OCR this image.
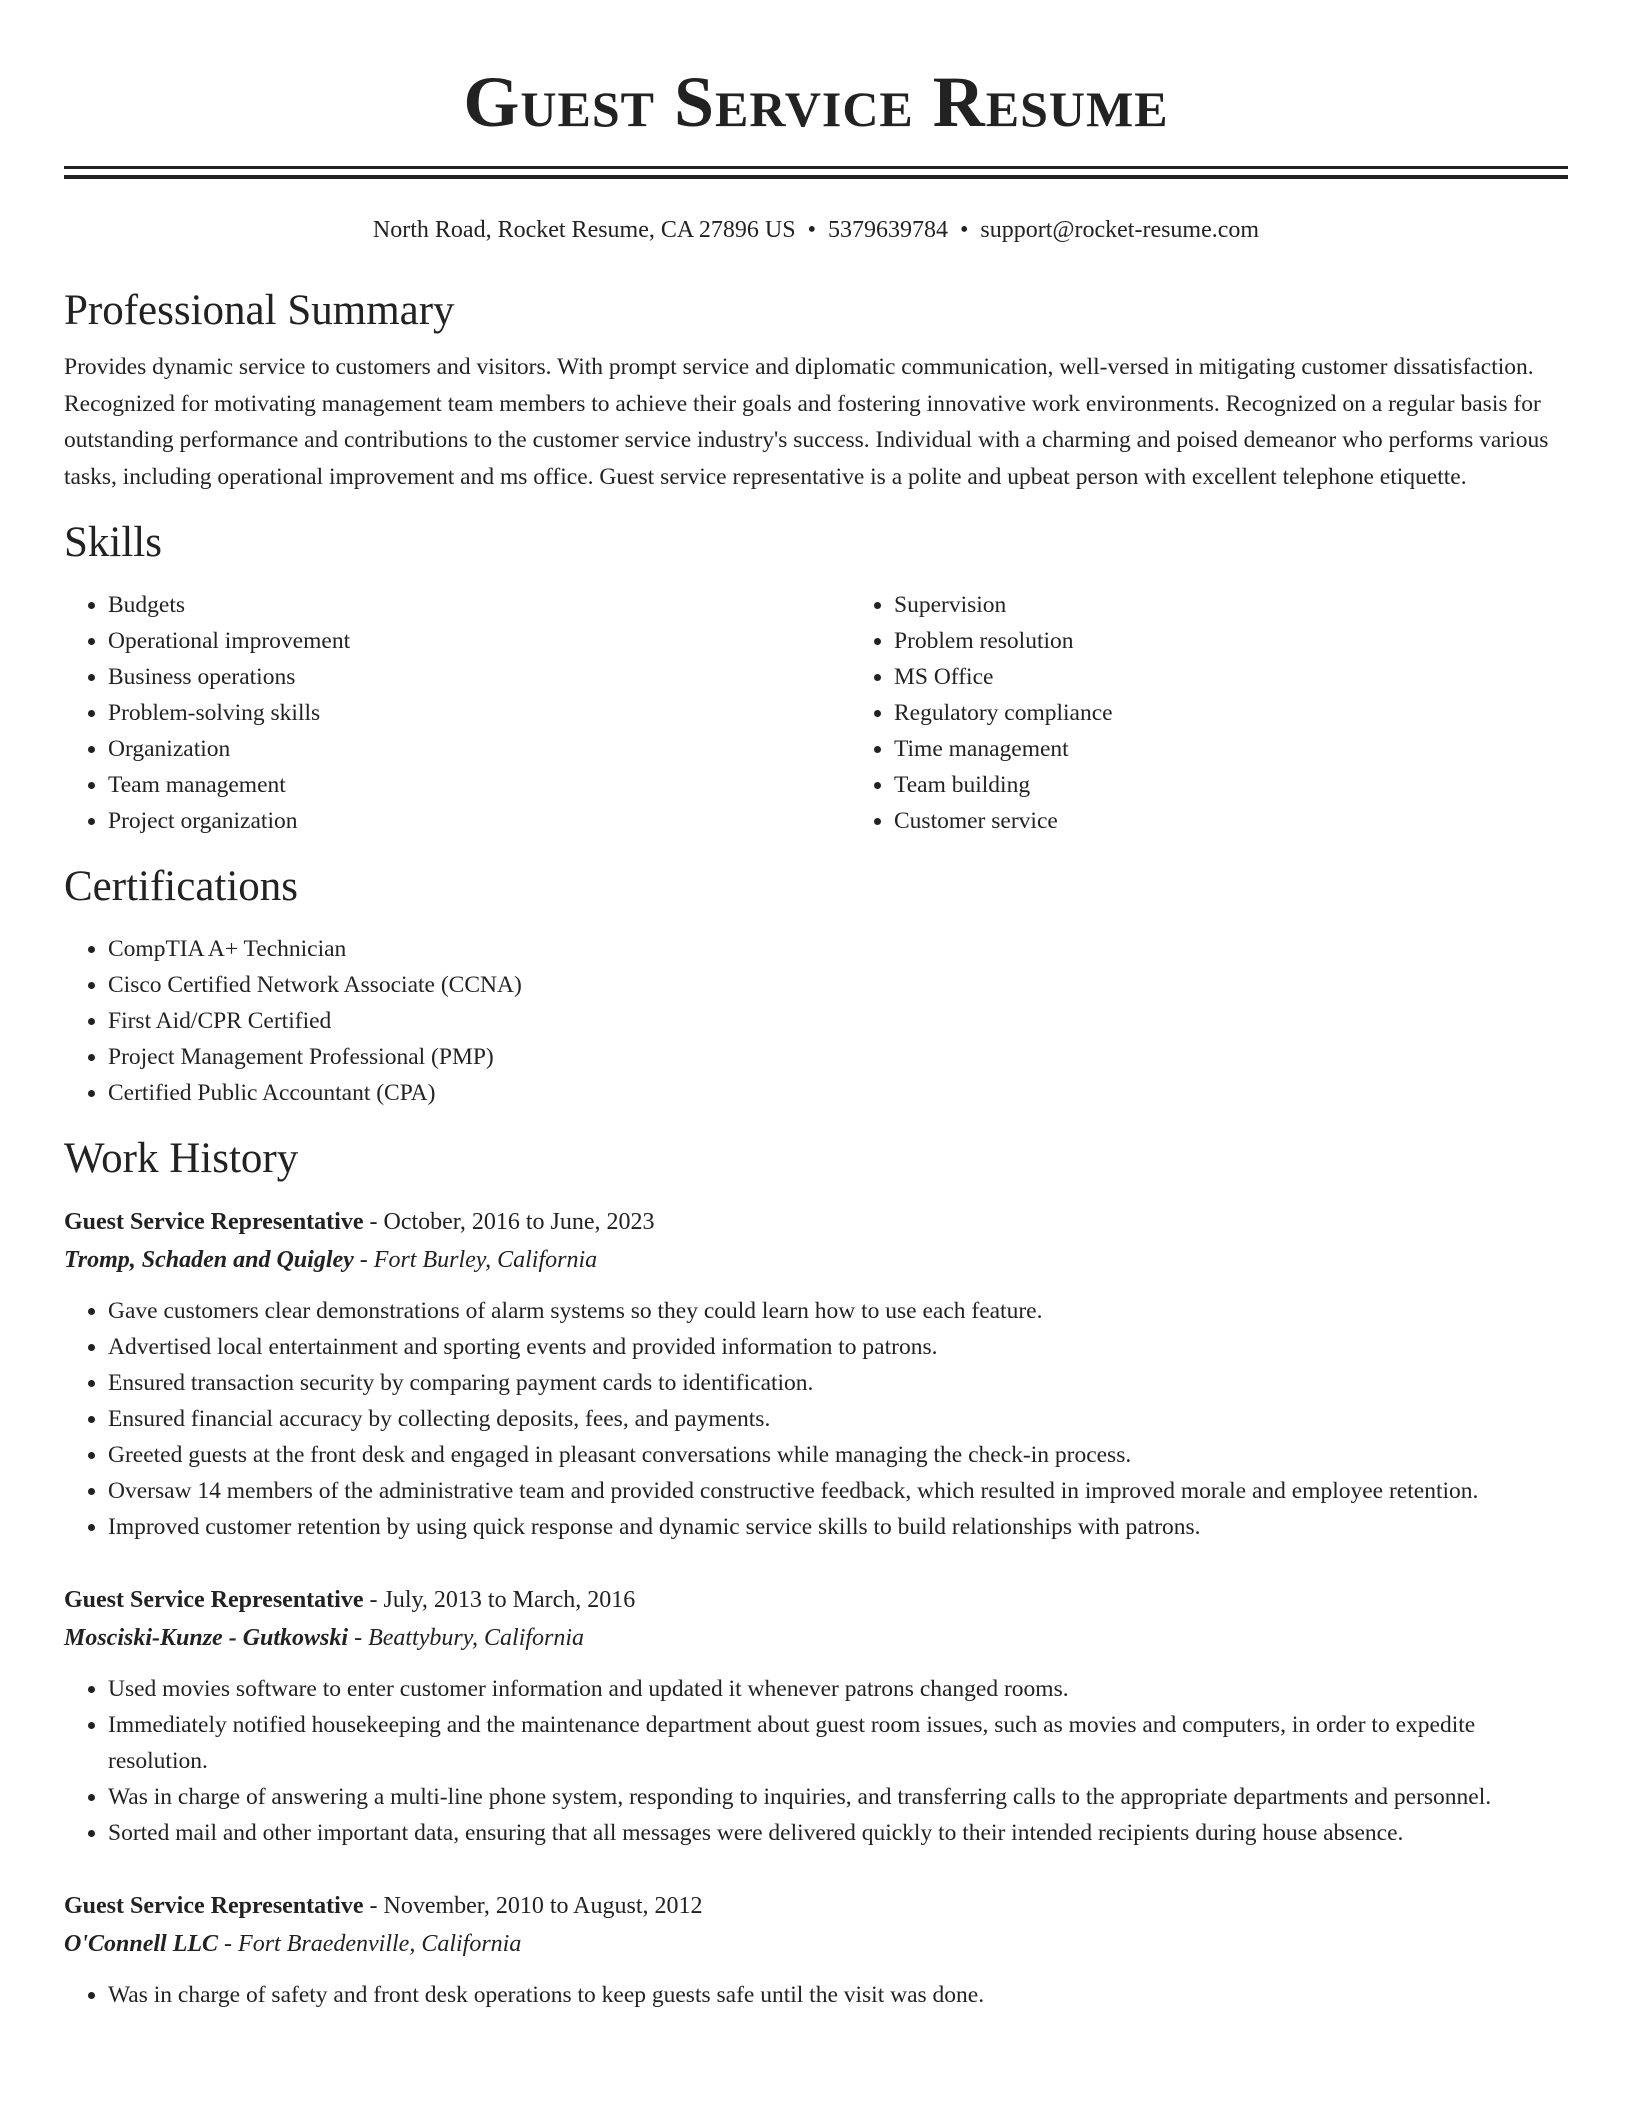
Guest Service Resume
North Road, Rocket Resume, CA 27896 US • 5379639784 • support@rocket-resume.com
Professional Summary

Provides dynamic service to customers and visitors. With prompt service and diplomatic communication, well-versed in mitigating customer dissatisfaction. Recognized for motivating management team members to achieve their goals and fostering innovative work environments. Recognized on a regular basis for outstanding performance and contributions to the customer service industry's success. Individual with a charming and poised demeanor who performs various tasks, including operational improvement and ms office. Guest service representative is a polite and upbeat person with excellent telephone etiquette.

Skills
• Budgets
• Operational improvement
• Business operations
• Problem-solving skills
• Organization
• Team management
• Project organization
• Supervision
• Problem resolution
• MS Office
• Regulatory compliance
• Time management
• Team building
• Customer service
Certifications
• CompTIA A+ Technician
• Cisco Certified Network Associate (CCNA)
• First Aid/CPR Certified
• Project Management Professional (PMP)
• Certified Public Accountant (CPA)
Work History
Guest Service Representative - October, 2016 to June, 2023
Tromp, Schaden and Quigley - Fort Burley, California
• Gave customers clear demonstrations of alarm systems so they could learn how to use each feature.
• Advertised local entertainment and sporting events and provided information to patrons.
• Ensured transaction security by comparing payment cards to identification.
• Ensured financial accuracy by collecting deposits, fees, and payments.
• Greeted guests at the front desk and engaged in pleasant conversations while managing the check-in process.
• Oversaw 14 members of the administrative team and provided constructive feedback, which resulted in improved morale and employee retention.
• Improved customer retention by using quick response and dynamic service skills to build relationships with patrons.
Guest Service Representative - July, 2013 to March, 2016
Mosciski-Kunze - Gutkowski - Beattybury, California
• Used movies software to enter customer information and updated it whenever patrons changed rooms.
• Immediately notified housekeeping and the maintenance department about guest room issues, such as movies and computers, in order to expedite resolution.
• Was in charge of answering a multi-line phone system, responding to inquiries, and transferring calls to the appropriate departments and personnel.
• Sorted mail and other important data, ensuring that all messages were delivered quickly to their intended recipients during house absence.
Guest Service Representative - November, 2010 to August, 2012
O'Connell LLC - Fort Braedenville, California
• Was in charge of safety and front desk operations to keep guests safe until the visit was done.
